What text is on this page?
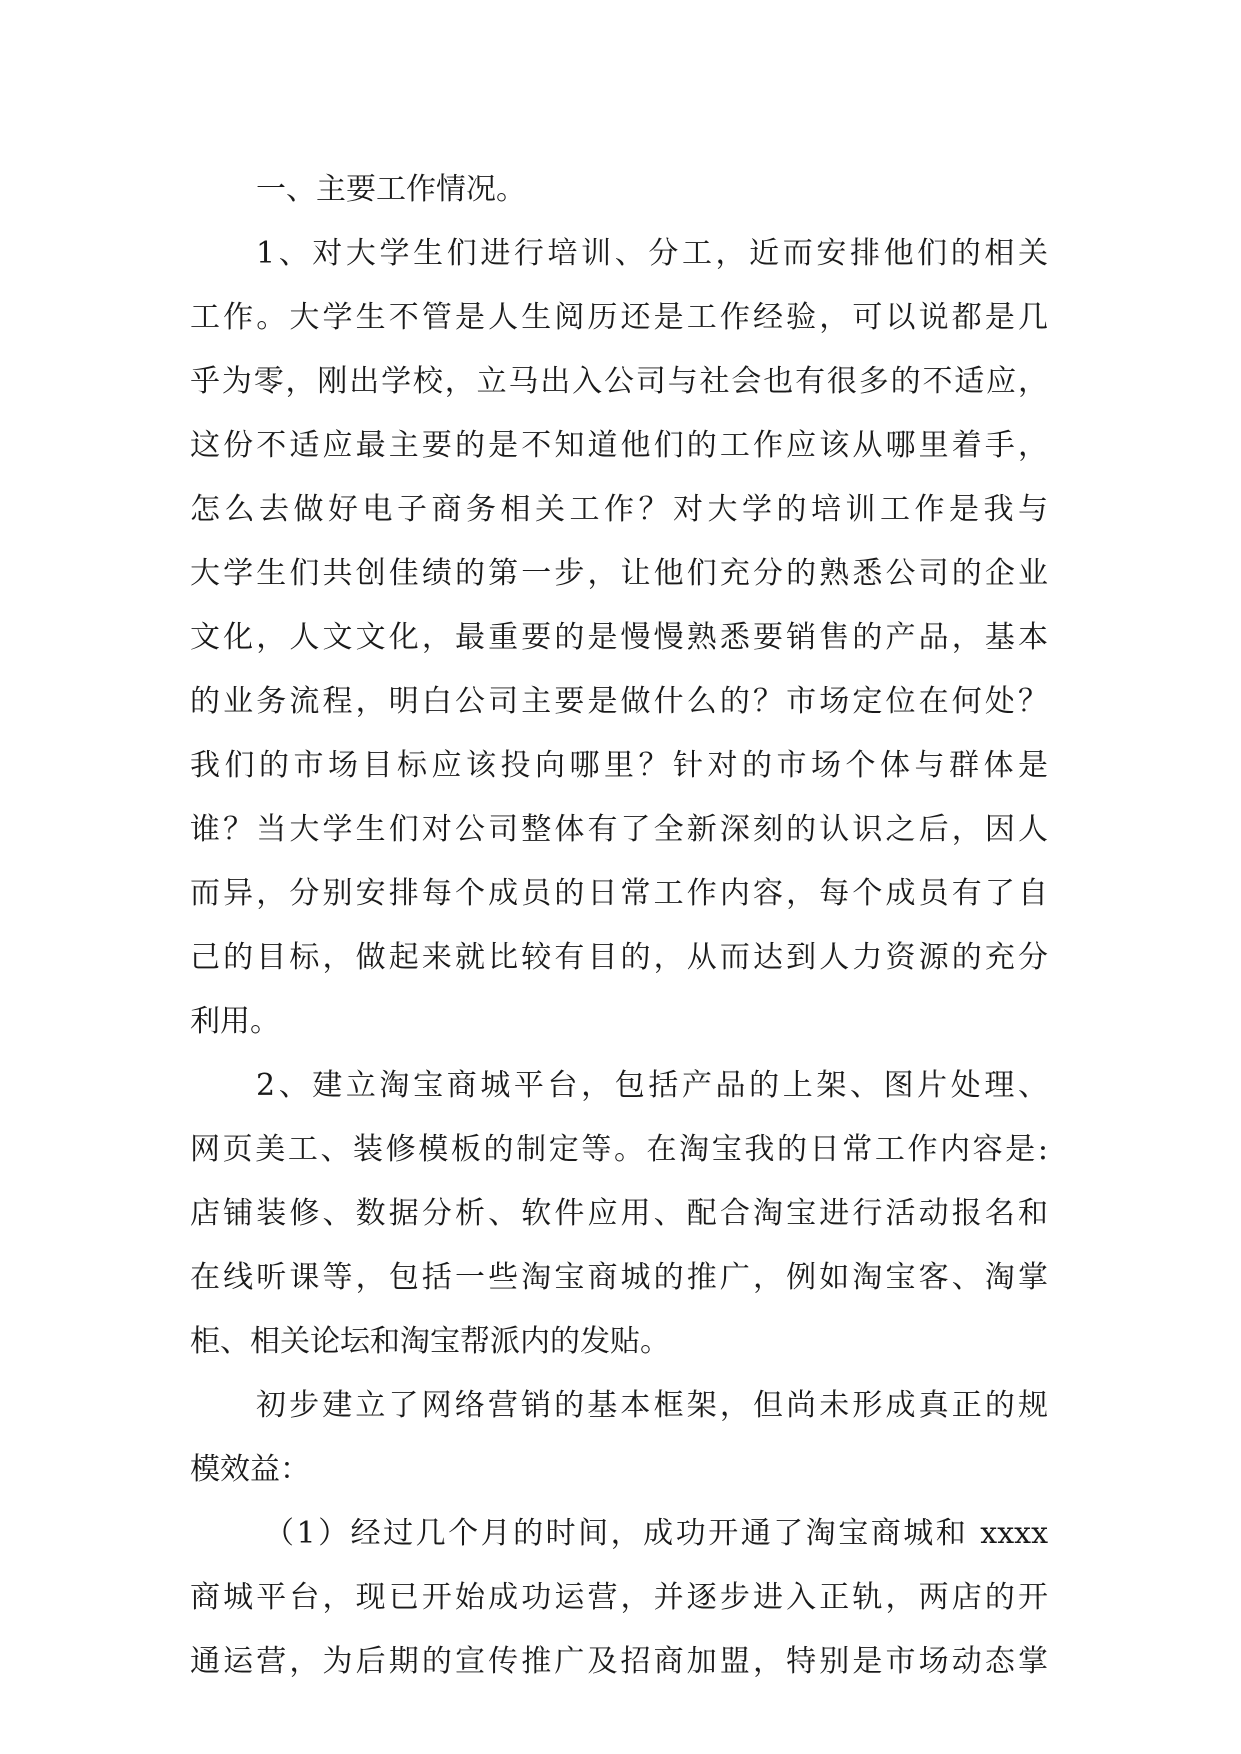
一、主要工作情况。
1、对大学生们进行培训、分工，近而安排他们的相关
工作。大学生不管是人生阅历还是工作经验，可以说都是几
乎为零，刚出学校，立马出入公司与社会也有很多的不适应，
这份不适应最主要的是不知道他们的工作应该从哪里着手，
怎么去做好电子商务相关工作？对大学的培训工作是我与
大学生们共创佳绩的第一步，让他们充分的熟悉公司的企业
文化，人文文化，最重要的是慢慢熟悉要销售的产品，基本
的业务流程，明白公司主要是做什么的？市场定位在何处？
我们的市场目标应该投向哪里？针对的市场个体与群体是
谁？当大学生们对公司整体有了全新深刻的认识之后，因人
而异，分别安排每个成员的日常工作内容，每个成员有了自
己的目标，做起来就比较有目的，从而达到人力资源的充分
利用。
2、建立淘宝商城平台，包括产品的上架、图片处理、
网页美工、装修模板的制定等。在淘宝我的日常工作内容是:
店铺装修、数据分析、软件应用、配合淘宝进行活动报名和
在线听课等，包括一些淘宝商城的推广，例如淘宝客、淘掌
柜、相关论坛和淘宝帮派内的发贴。
初步建立了网络营销的基本框架，但尚未形成真正的规
模效益：
（1）经过几个月的时间，成功开通了淘宝商城和 xxxx
商城平台，现已开始成功运营，并逐步进入正轨，两店的开
通运营，为后期的宣传推广及招商加盟，特别是市场动态掌
